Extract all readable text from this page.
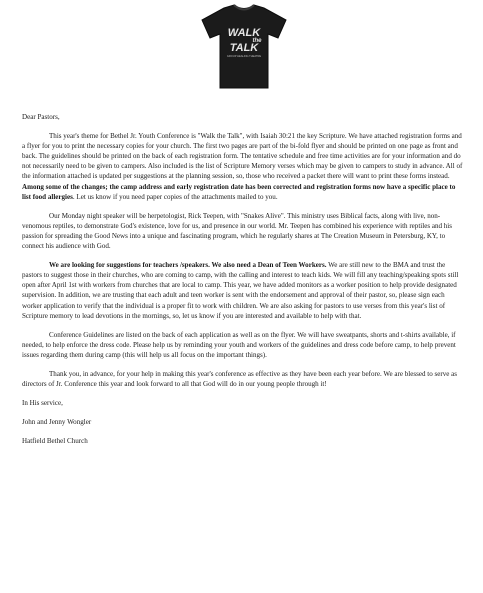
WALK
the
TALK
GROUP HEALING THEATRE

Dear Pastors,

This year's theme for Bethel Jr. Youth Conference is "Walk the Talk", with Isaiah 30:21 the key Scripture. We have attached registration forms and a flyer for you to print the necessary copies for your church. The first two pages are part of the bi-fold flyer and should be printed on one page as front and back. The guidelines should be printed on the back of each registration form. The tentative schedule and free time activities are for your information and do not necessarily need to be given to campers. Also included is the list of Scripture Memory verses which may be given to campers to study in advance. All of the information attached is updated per suggestions at the planning session, so, those who received a packet there will want to print these forms instead. Among some of the changes; the camp address and early registration date has been corrected and registration forms now have a specific place to list food allergies. Let us know if you need paper copies of the attachments mailed to you.

Our Monday night speaker will be herpetologist, Rick Teepen, with "Snakes Alive". This ministry uses Biblical facts, along with live, non-venomous reptiles, to demonstrate God's existence, love for us, and presence in our world. Mr. Teepen has combined his experience with reptiles and his passion for spreading the Good News into a unique and fascinating program, which he regularly shares at The Creation Museum in Petersburg, KY, to connect his audience with God.

We are looking for suggestions for teachers /speakers. We also need a Dean of Teen Workers. We are still new to the BMA and trust the pastors to suggest those in their churches, who are coming to camp, with the calling and interest to teach kids. We will fill any teaching/speaking spots still open after April 1st with workers from churches that are local to camp. This year, we have added monitors as a worker position to help provide designated supervision. In addition, we are trusting that each adult and teen worker is sent with the endorsement and approval of their pastor, so, please sign each worker application to verify that the individual is a proper fit to work with children. We are also asking for pastors to use verses from this year's list of Scripture memory to lead devotions in the mornings, so, let us know if you are interested and available to help with that.

Conference Guidelines are listed on the back of each application as well as on the flyer. We will have sweatpants, shorts and t-shirts available, if needed, to help enforce the dress code. Please help us by reminding your youth and workers of the guidelines and dress code before camp, to help prevent issues regarding them during camp (this will help us all focus on the important things).

Thank you, in advance, for your help in making this year's conference as effective as they have been each year before. We are blessed to serve as directors of Jr. Conference this year and look forward to all that God will do in our young people through it!

In His service,

John and Jenny Wongler

Hatfield Bethel Church
